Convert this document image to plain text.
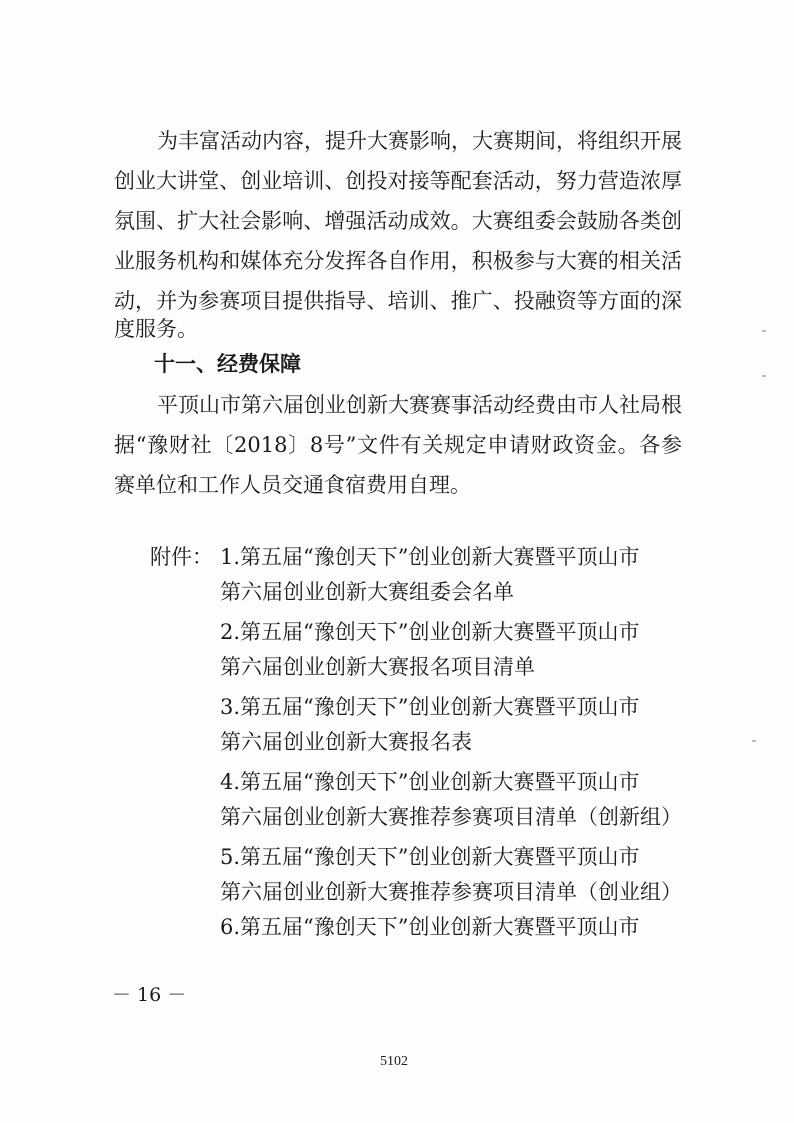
为丰富活动内容，提升大赛影响，大赛期间，将组织开展
创业大讲堂、创业培训、创投对接等配套活动，努力营造浓厚
氛围、扩大社会影响、增强活动成效。大赛组委会鼓励各类创
业服务机构和媒体充分发挥各自作用，积极参与大赛的相关活
动，并为参赛项目提供指导、培训、推广、投融资等方面的深
度服务。
十一、经费保障
平顶山市第六届创业创新大赛赛事活动经费由市人社局根
据“豫财社〔2018〕8号”文件有关规定申请财政资金。各参
赛单位和工作人员交通食宿费用自理。
附件： 1.第五届“豫创天下”创业创新大赛暨平顶山市
第六届创业创新大赛组委会名单
2.第五届“豫创天下”创业创新大赛暨平顶山市
第六届创业创新大赛报名项目清单
3.第五届“豫创天下”创业创新大赛暨平顶山市
第六届创业创新大赛报名表
4.第五届“豫创天下”创业创新大赛暨平顶山市
第六届创业创新大赛推荐参赛项目清单（创新组）
5.第五届“豫创天下”创业创新大赛暨平顶山市
第六届创业创新大赛推荐参赛项目清单（创业组）
6.第五届“豫创天下”创业创新大赛暨平顶山市
－ 16 －
5102
